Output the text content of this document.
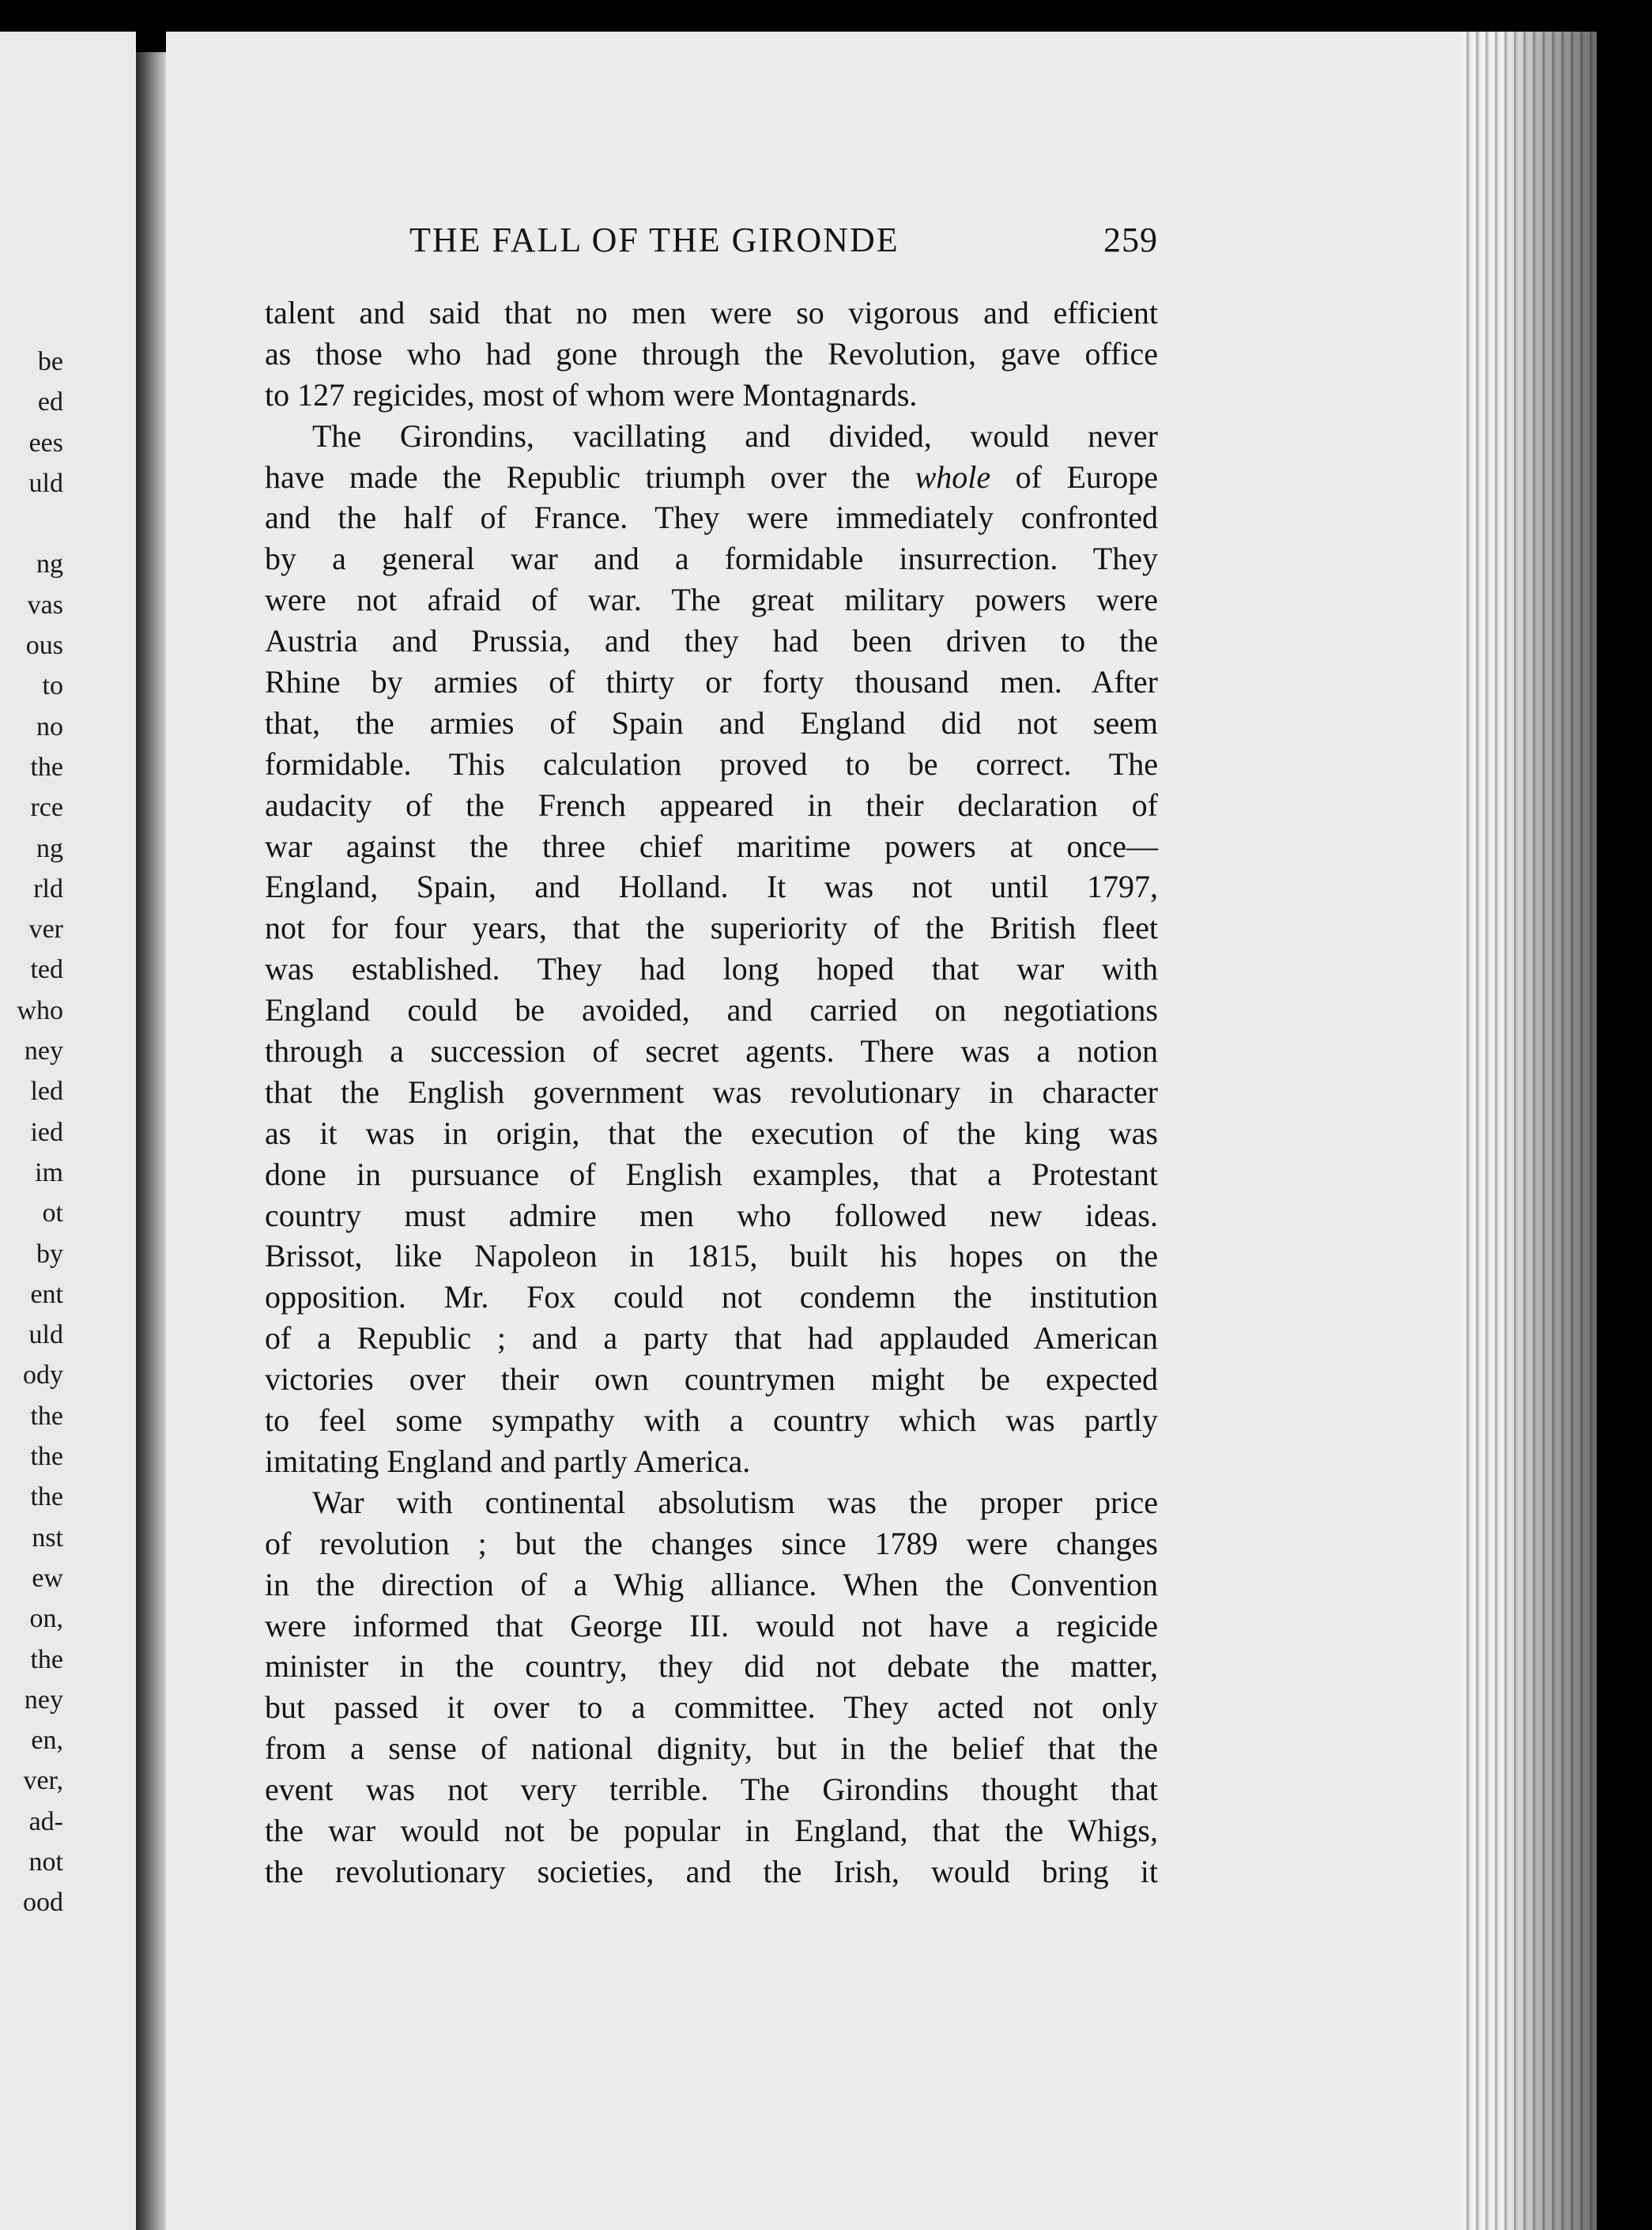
be
ed
ees
uld
ng
vas
ous
to
no
the
rce
ng
rld
ver
ted
who
ney
led
ied
im
ot
by
ent
uld
ody
the
the
the
nst
ew
on,
the
ney
en,
ver,
ad-
not
ood
THE FALL OF THE GIRONDE	259
talent and said that no men were so vigorous and efficient
as those who had gone through the Revolution, gave office
to 127 regicides, most of whom were Montagnards.
The Girondins, vacillating and divided, would never
have made the Republic triumph over the whole of Europe
and the half of France. They were immediately confronted
by a general war and a formidable insurrection. They
were not afraid of war. The great military powers were
Austria and Prussia, and they had been driven to the
Rhine by armies of thirty or forty thousand men. After
that, the armies of Spain and England did not seem
formidable. This calculation proved to be correct. The
audacity of the French appeared in their declaration of
war against the three chief maritime powers at once—
England, Spain, and Holland. It was not until 1797,
not for four years, that the superiority of the British fleet
was established. They had long hoped that war with
England could be avoided, and carried on negotiations
through a succession of secret agents. There was a notion
that the English government was revolutionary in character
as it was in origin, that the execution of the king was
done in pursuance of English examples, that a Protestant
country must admire men who followed new ideas.
Brissot, like Napoleon in 1815, built his hopes on the
opposition. Mr. Fox could not condemn the institution
of a Republic ; and a party that had applauded American
victories over their own countrymen might be expected
to feel some sympathy with a country which was partly
imitating England and partly America.
War with continental absolutism was the proper price
of revolution ; but the changes since 1789 were changes
in the direction of a Whig alliance. When the Convention
were informed that George III. would not have a regicide
minister in the country, they did not debate the matter,
but passed it over to a committee. They acted not only
from a sense of national dignity, but in the belief that the
event was not very terrible. The Girondins thought that
the war would not be popular in England, that the Whigs,
the revolutionary societies, and the Irish, would bring it
